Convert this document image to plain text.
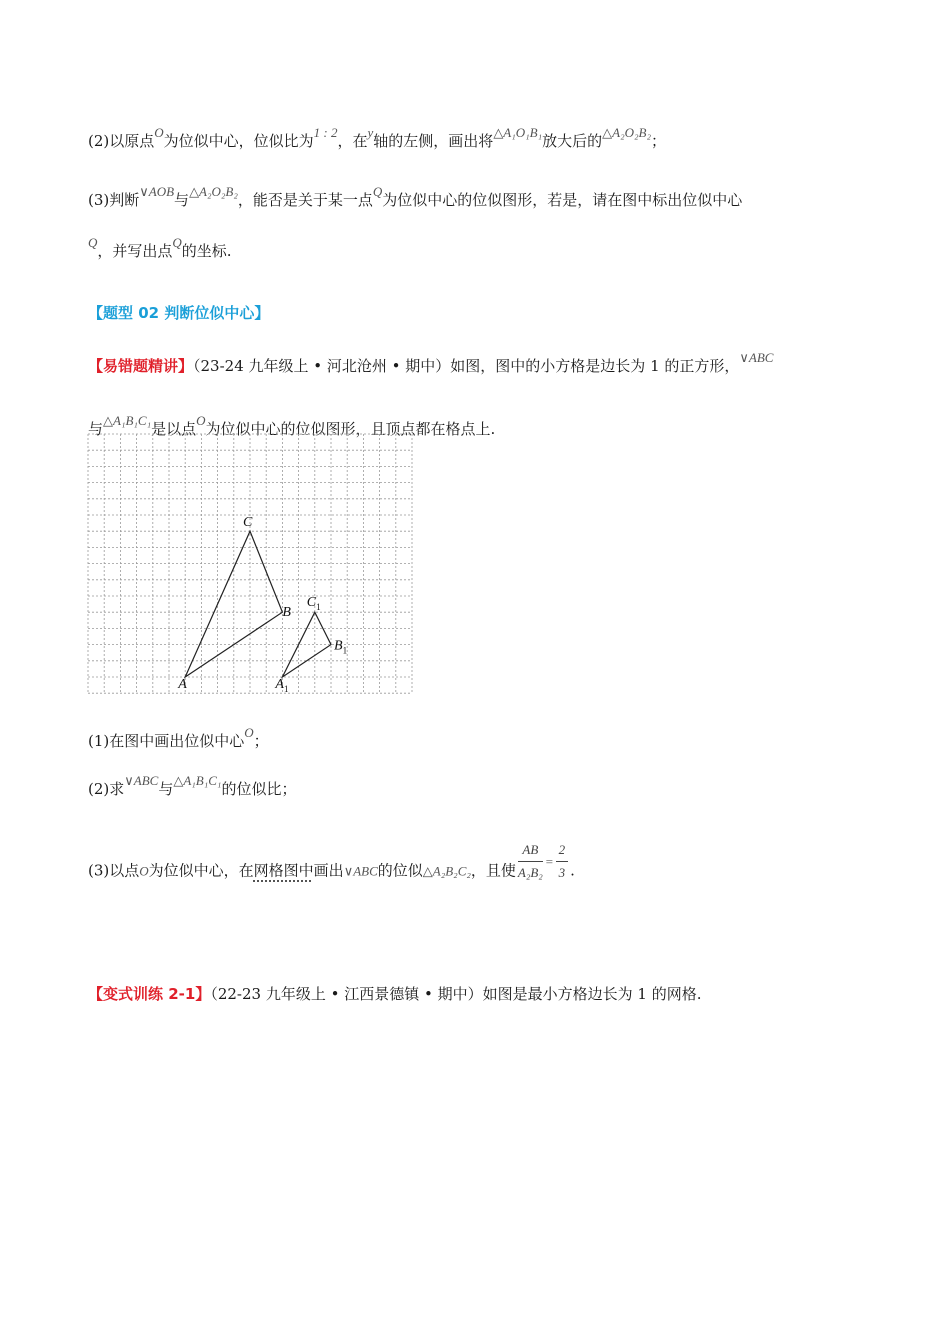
(2)以原点O为位似中心，位似比为1 : 2，在y轴的左侧，画出将△A₁O₁B₁放大后的△A₂O₂B₂；
(3)判断∨AOB与△A₂O₂B₂，能否是关于某一点Q为位似中心的位似图形，若是，请在图中标出位似中心
Q，并写出点Q的坐标.
【题型 02 判断位似中心】
【易错题精讲】（23-24 九年级上 • 河北沧州 • 期中）如图，图中的小方格是边长为 1 的正方形，∨ABC
与△A₁B₁C₁是以点O为位似中心的位似图形，且顶点都在格点上.
A
B
C
$A_1$
$B_1$
$C_1$
(1)在图中画出位似中心O；
(2)求∨ABC与△A₁B₁C₁的位似比；
(3)以点O为位似中心，在网格图中画出∨ABC的位似△A₂B₂C₂，且使 $\frac{AB}{\text{A₂B₂}} = \frac{2}{3}$ .
【变式训练 2-1】（22-23 九年级上 • 江西景德镇 • 期中）如图是最小方格边长为 1 的网格.
